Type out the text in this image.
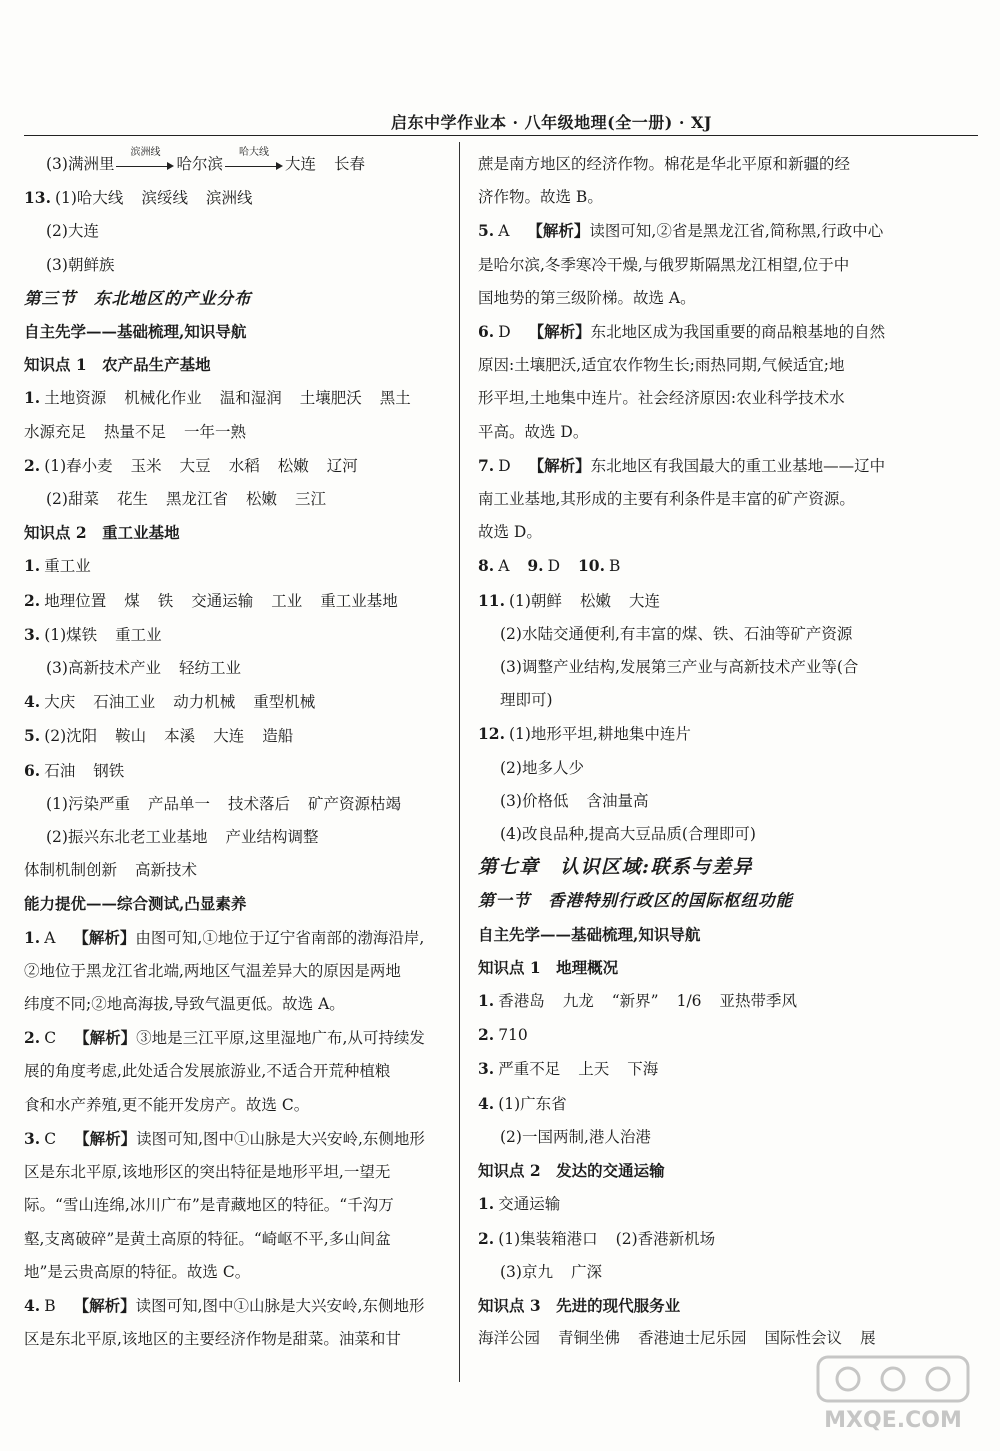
启东中学作业本 · 八年级地理(全一册) · XJ
(3)满洲里
滨洲线
哈尔滨
哈大线
大连 长春
13. (1)哈大线 滨绥线 滨洲线
(2)大连
(3)朝鲜族
第三节　东北地区的产业分布
自主先学——基础梳理,知识导航
知识点 1　农产品生产基地
1. 土地资源 机械化作业 温和湿润 土壤肥沃 黑土
水源充足 热量不足 一年一熟
2. (1)春小麦 玉米 大豆 水稻 松嫩 辽河
(2)甜菜 花生 黑龙江省 松嫩 三江
知识点 2　重工业基地
1. 重工业
2. 地理位置 煤 铁 交通运输 工业 重工业基地
3. (1)煤铁 重工业
(3)高新技术产业 轻纺工业
4. 大庆 石油工业 动力机械 重型机械
5. (2)沈阳 鞍山 本溪 大连 造船
6. 石油 钢铁
(1)污染严重 产品单一 技术落后 矿产资源枯竭
(2)振兴东北老工业基地 产业结构调整
体制机制创新 高新技术
能力提优——综合测试,凸显素养
1. A 【解析】由图可知,①地位于辽宁省南部的渤海沿岸,
②地位于黑龙江省北端,两地区气温差异大的原因是两地
纬度不同;②地高海拔,导致气温更低。故选 A。
2. C 【解析】③地是三江平原,这里湿地广布,从可持续发
展的角度考虑,此处适合发展旅游业,不适合开荒种植粮
食和水产养殖,更不能开发房产。故选 C。
3. C 【解析】读图可知,图中①山脉是大兴安岭,东侧地形
区是东北平原,该地形区的突出特征是地形平坦,一望无
际。“雪山连绵,冰川广布”是青藏地区的特征。“千沟万
壑,支离破碎”是黄土高原的特征。“崎岖不平,多山间盆
地”是云贵高原的特征。故选 C。
4. B 【解析】读图可知,图中①山脉是大兴安岭,东侧地形
区是东北平原,该地区的主要经济作物是甜菜。油菜和甘
蔗是南方地区的经济作物。棉花是华北平原和新疆的经
济作物。故选 B。
5. A 【解析】读图可知,②省是黑龙江省,简称黑,行政中心
是哈尔滨,冬季寒冷干燥,与俄罗斯隔黑龙江相望,位于中
国地势的第三级阶梯。故选 A。
6. D 【解析】东北地区成为我国重要的商品粮基地的自然
原因:土壤肥沃,适宜农作物生长;雨热同期,气候适宜;地
形平坦,土地集中连片。社会经济原因:农业科学技术水
平高。故选 D。
7. D 【解析】东北地区有我国最大的重工业基地——辽中
南工业基地,其形成的主要有利条件是丰富的矿产资源。
故选 D。
8. A 9. D 10. B
11. (1)朝鲜 松嫩 大连
(2)水陆交通便利,有丰富的煤、铁、石油等矿产资源
(3)调整产业结构,发展第三产业与高新技术产业等(合
理即可)
12. (1)地形平坦,耕地集中连片
(2)地多人少
(3)价格低 含油量高
(4)改良品种,提高大豆品质(合理即可)
第七章　认识区域:联系与差异
第一节　香港特别行政区的国际枢纽功能
自主先学——基础梳理,知识导航
知识点 1　地理概况
1. 香港岛 九龙 “新界” 1/6 亚热带季风
2. 710
3. 严重不足 上天 下海
4. (1)广东省
(2)一国两制,港人治港
知识点 2　发达的交通运输
1. 交通运输
2. (1)集装箱港口 (2)香港新机场
(3)京九 广深
知识点 3　先进的现代服务业
海洋公园 青铜坐佛 香港迪士尼乐园 国际性会议 展
MXQE.COM
